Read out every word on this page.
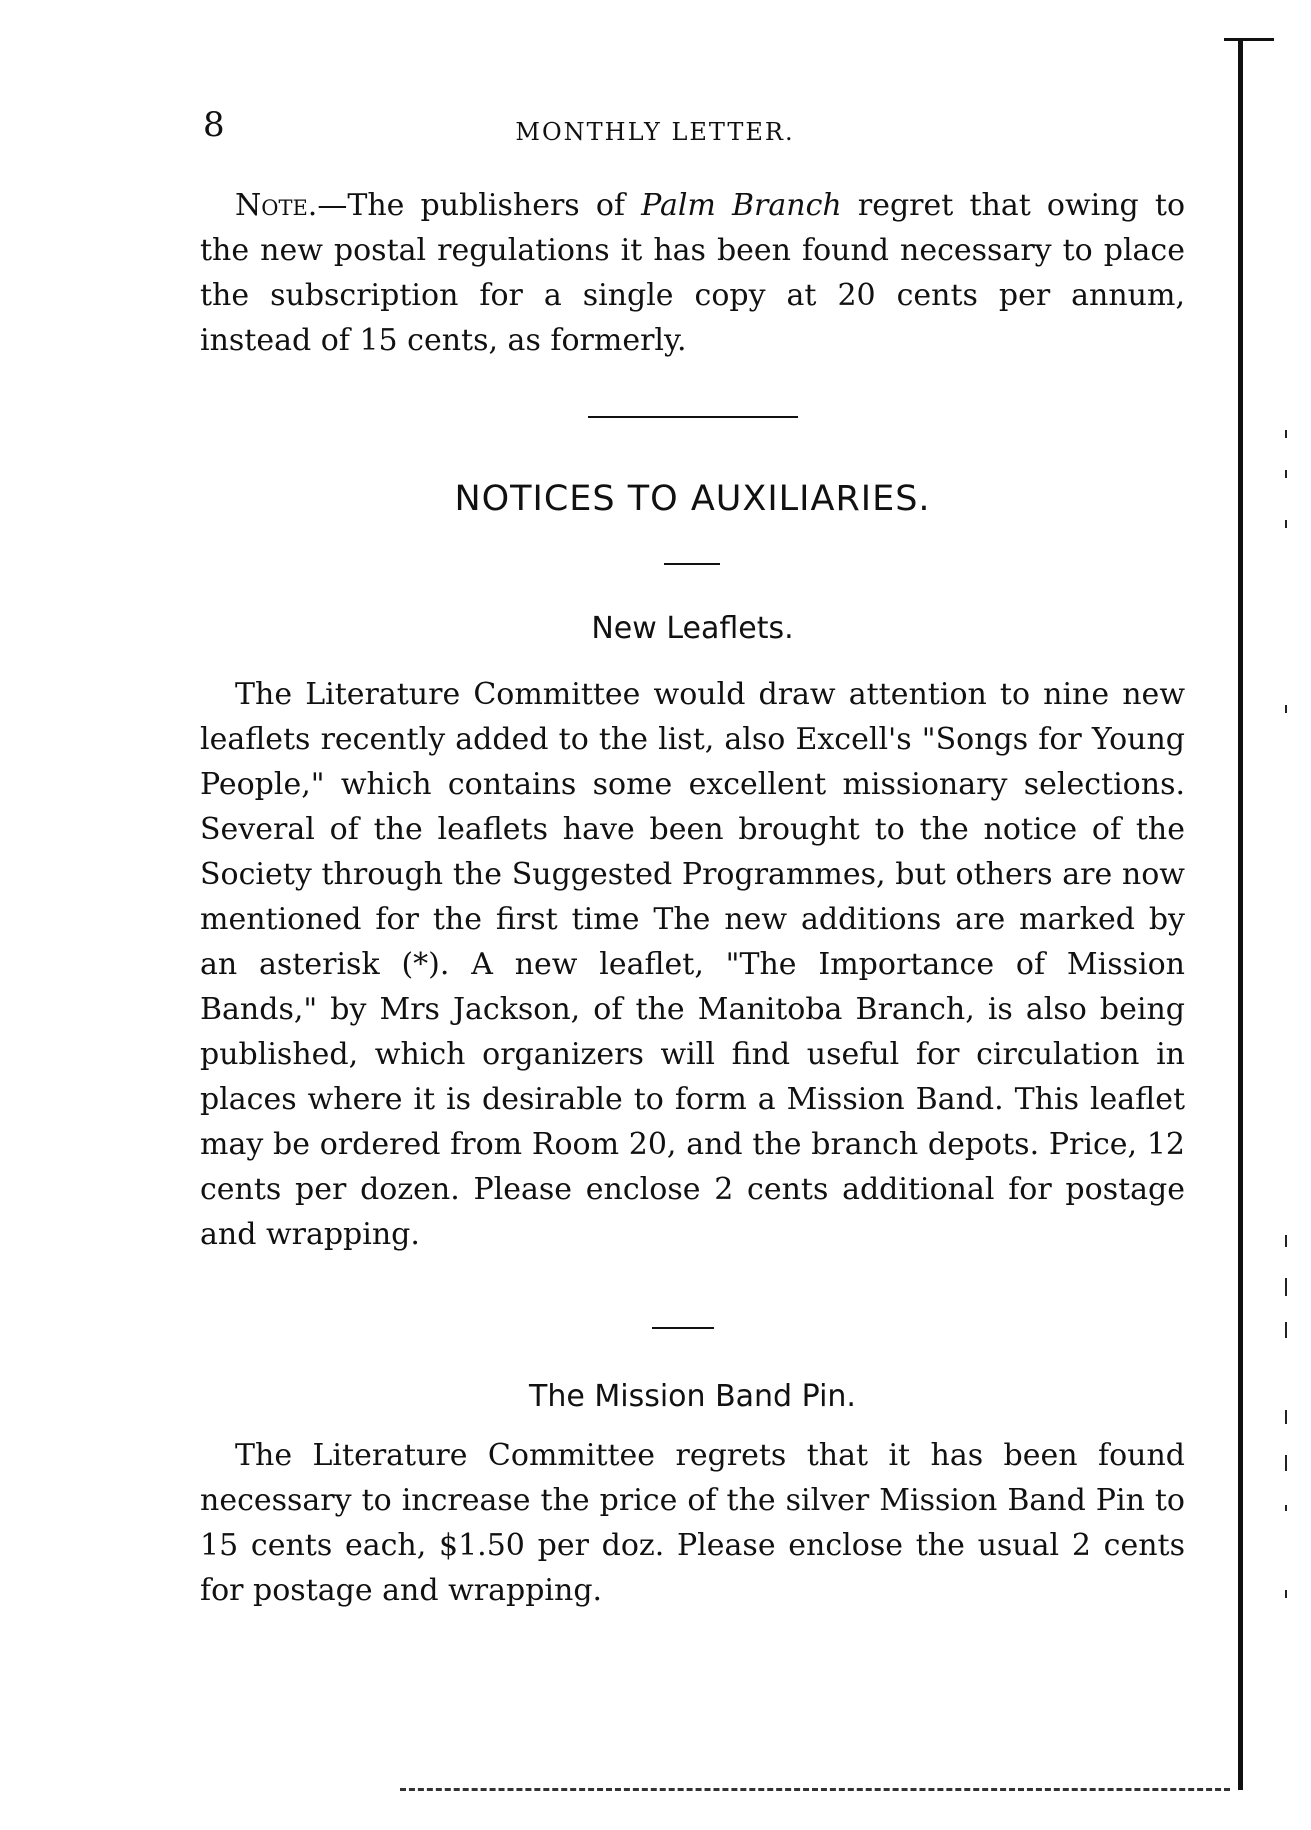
8	MONTHLY LETTER.

Note.—The publishers of Palm Branch regret that owing to the new postal regulations it has been found necessary to place the subscription for a single copy at 20 cents per annum, instead of 15 cents, as formerly.

NOTICES TO AUXILIARIES.
New Leaflets.

The Literature Committee would draw attention to nine new leaflets recently added to the list, also Excell's "Songs for Young People," which contains some excellent missionary selections. Several of the leaflets have been brought to the notice of the Society through the Suggested Programmes, but others are now mentioned for the first time The new additions are marked by an asterisk (*). A new leaflet, "The Importance of Mission Bands," by Mrs Jackson, of the Manitoba Branch, is also being published, which organizers will find useful for circulation in places where it is desirable to form a Mission Band. This leaflet may be ordered from Room 20, and the branch depots. Price, 12 cents per dozen. Please enclose 2 cents additional for postage and wrapping.

The Mission Band Pin.

The Literature Committee regrets that it has been found necessary to increase the price of the silver Mission Band Pin to 15 cents each, $1.50 per doz. Please enclose the usual 2 cents for postage and wrapping.
